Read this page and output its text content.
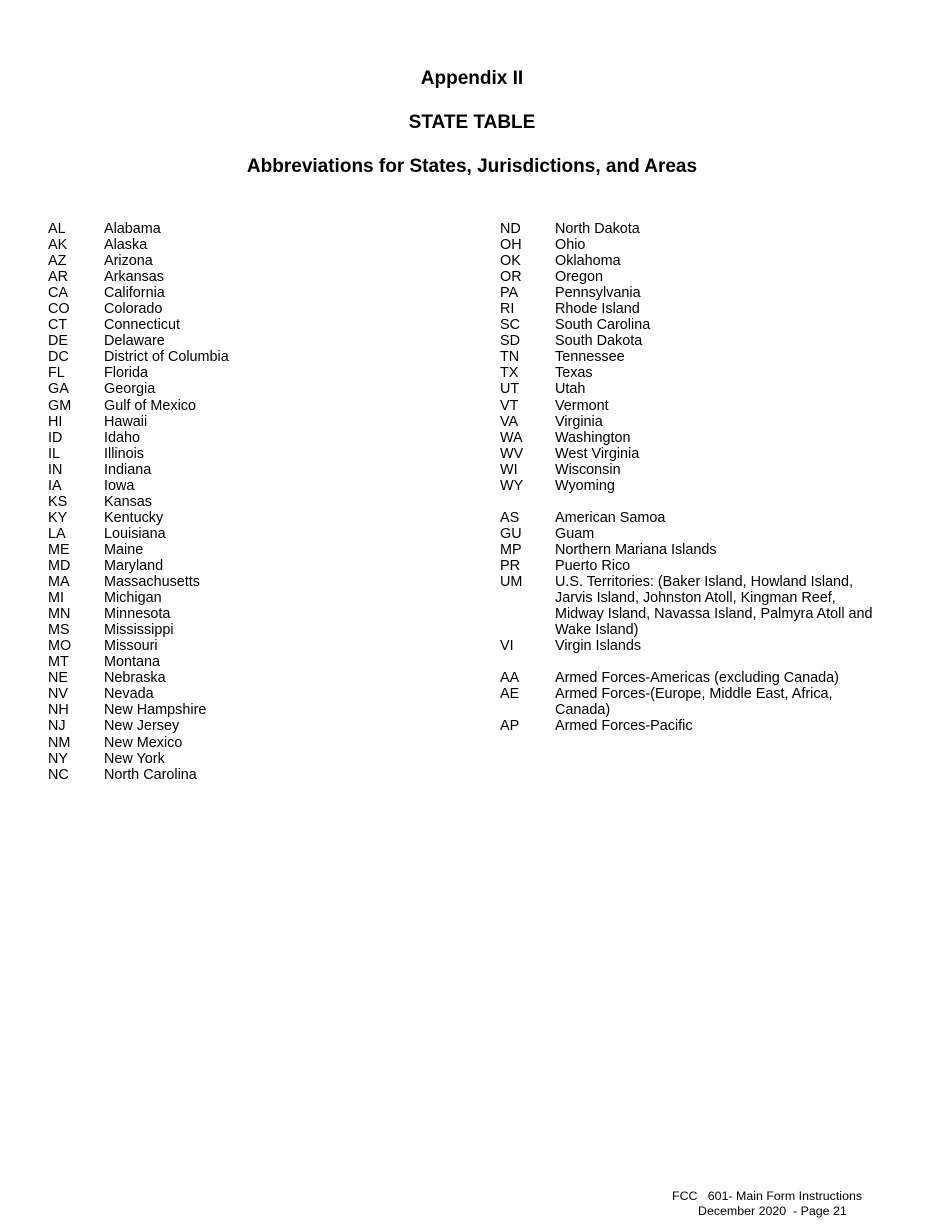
Appendix II
STATE TABLE
Abbreviations for States, Jurisdictions, and Areas
AL	Alabama
AK	Alaska
AZ	Arizona
AR	Arkansas
CA	California
CO	Colorado
CT	Connecticut
DE	Delaware
DC	District of Columbia
FL	Florida
GA	Georgia
GM	Gulf of Mexico
HI	Hawaii
ID	Idaho
IL	Illinois
IN	Indiana
IA	Iowa
KS	Kansas
KY	Kentucky
LA	Louisiana
ME	Maine
MD	Maryland
MA	Massachusetts
MI	Michigan
MN	Minnesota
MS	Mississippi
MO	Missouri
MT	Montana
NE	Nebraska
NV	Nevada
NH	New Hampshire
NJ	New Jersey
NM	New Mexico
NY	New York
NC	North Carolina
ND	North Dakota
OH	Ohio
OK	Oklahoma
OR	Oregon
PA	Pennsylvania
RI	Rhode Island
SC	South Carolina
SD	South Dakota
TN	Tennessee
TX	Texas
UT	Utah
VT	Vermont
VA	Virginia
WA	Washington
WV	West Virginia
WI	Wisconsin
WY	Wyoming
AS	American Samoa
GU	Guam
MP	Northern Mariana Islands
PR	Puerto Rico
UM	U.S. Territories: (Baker Island, Howland Island, Jarvis Island, Johnston Atoll, Kingman Reef, Midway Island, Navassa Island, Palmyra Atoll and Wake Island)
VI	Virgin Islands
AA	Armed Forces-Americas (excluding Canada)
AE	Armed Forces-(Europe, Middle East, Africa, Canada)
AP	Armed Forces-Pacific
FCC   601- Main Form Instructions
December 2020  - Page 21
